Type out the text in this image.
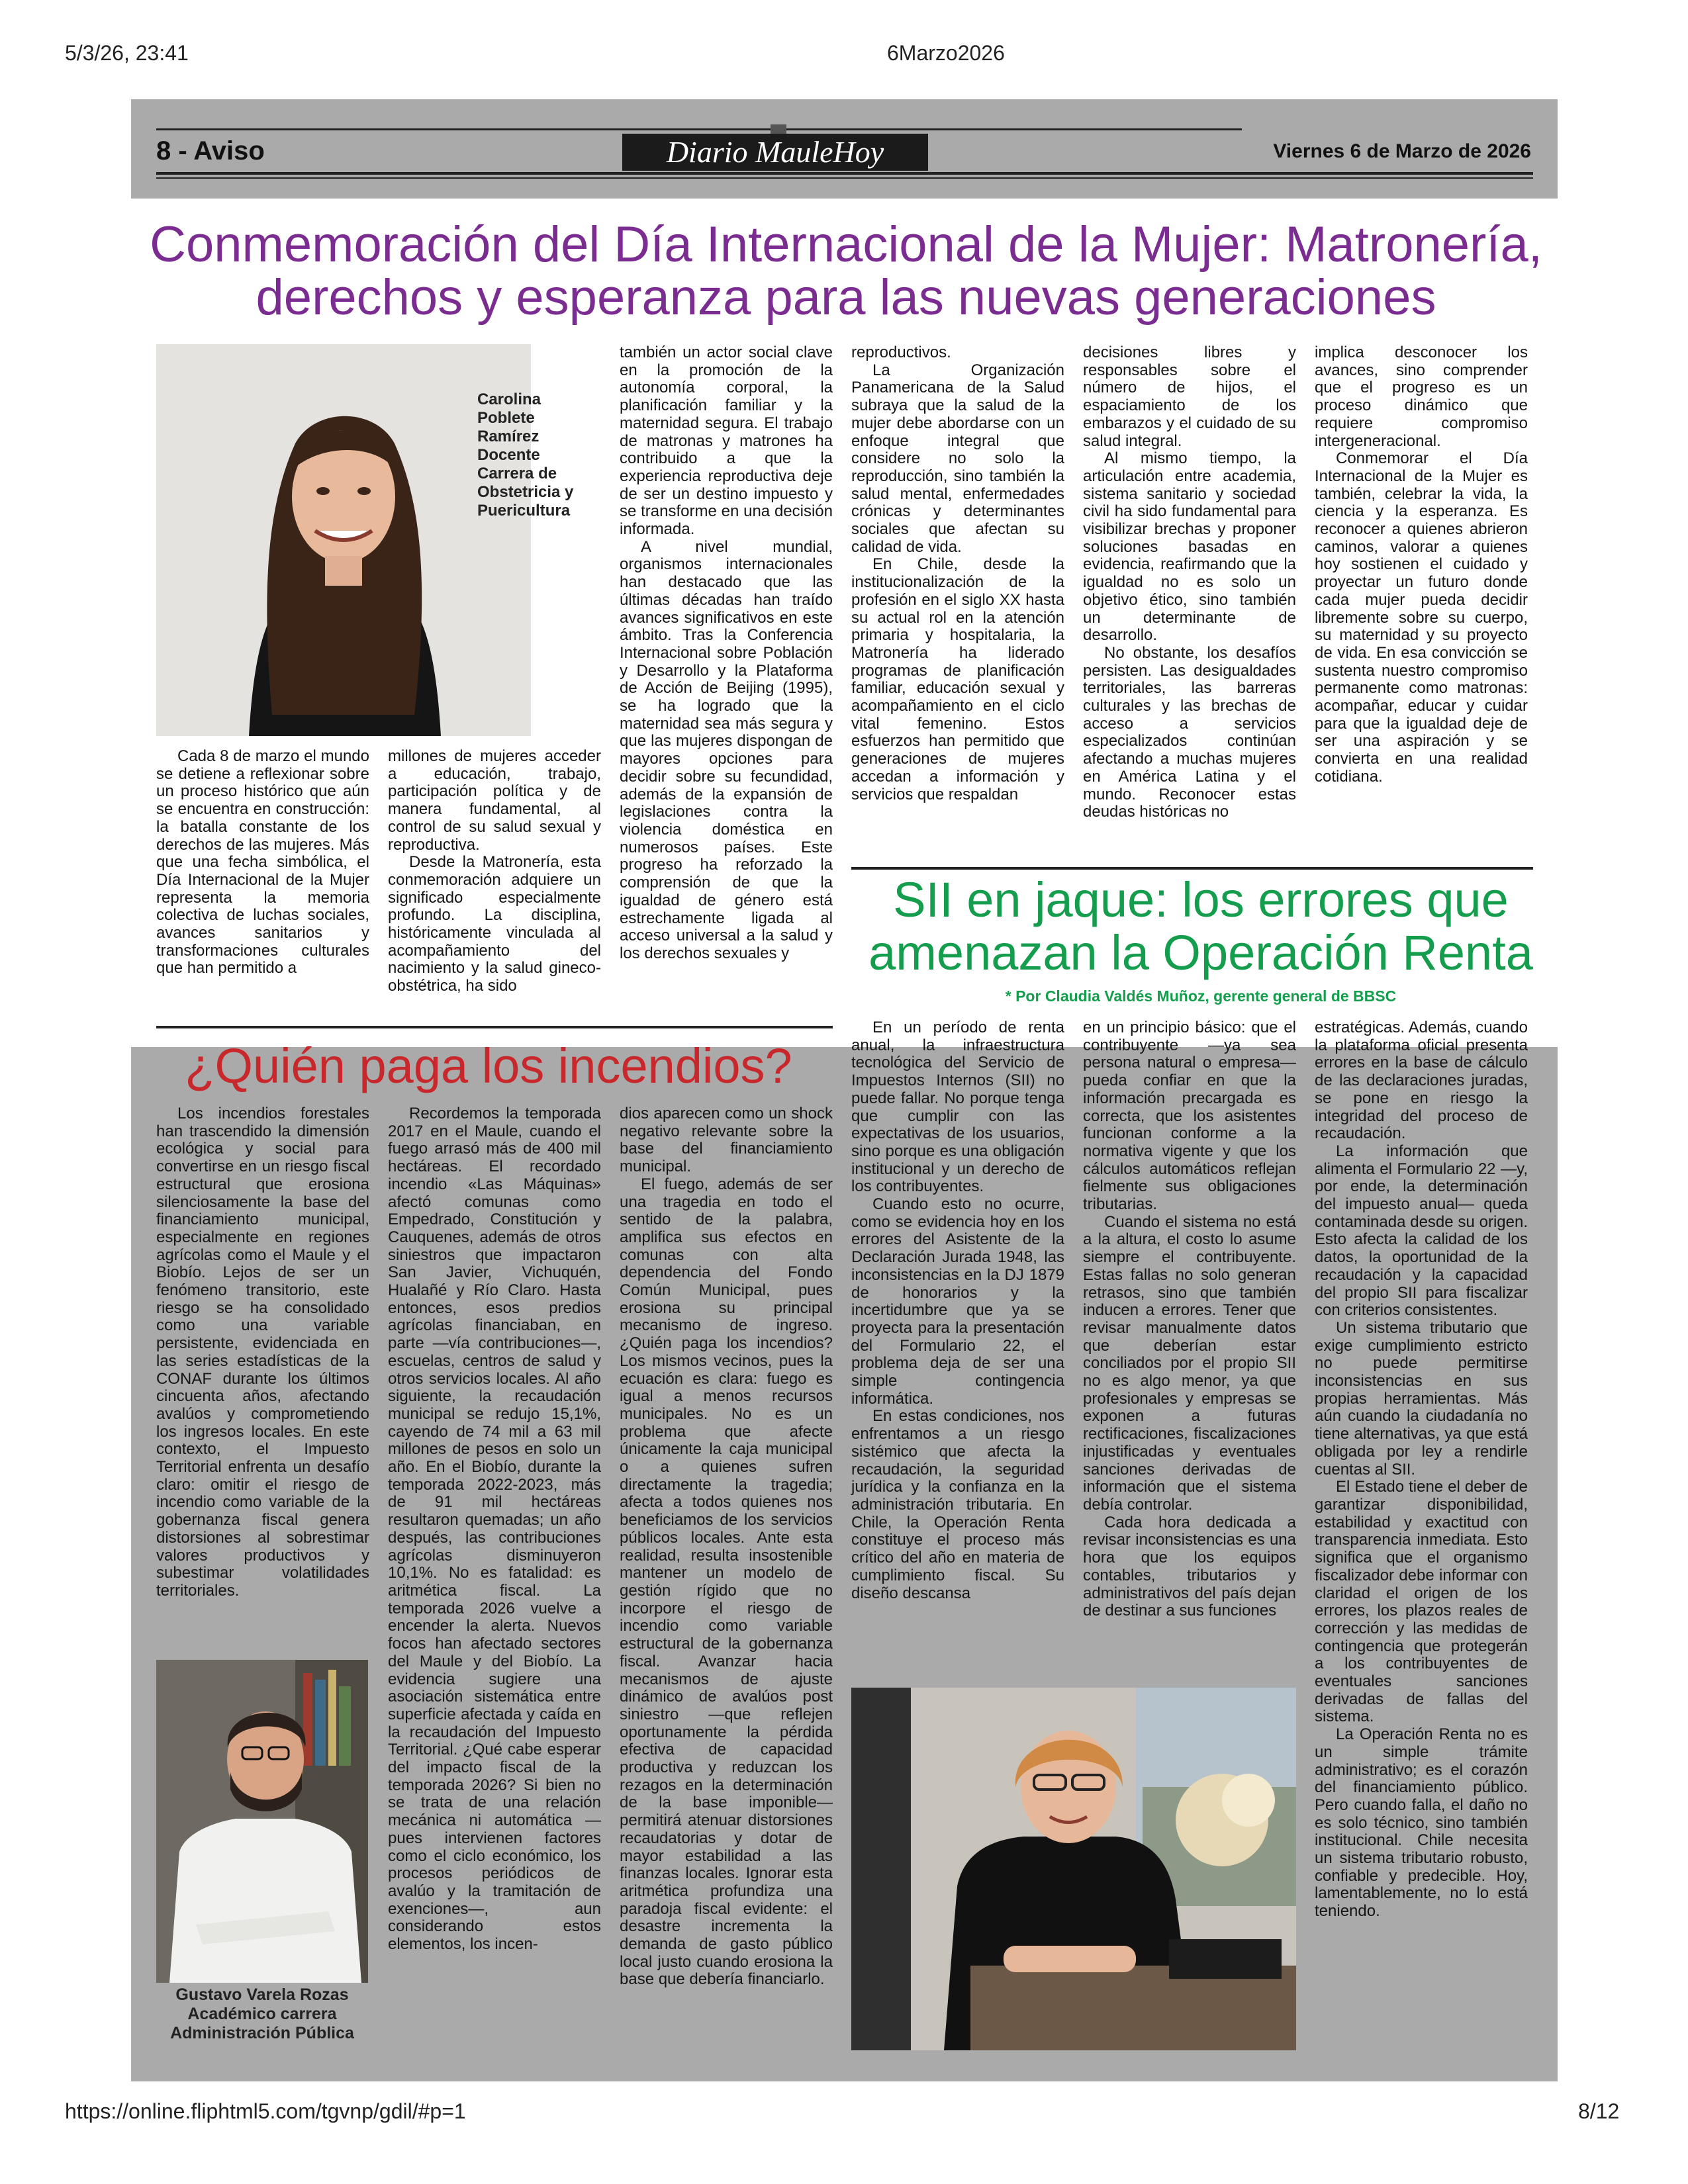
5/3/26, 23:41	6Marzo2026
https://online.fliphtml5.com/tgvnp/gdil/#p=1	8/12
8 - Aviso	Diario MauleHoy	Viernes 6 de Marzo de 2026
Conmemoración del Día Internacional de la Mujer: Matronería, derechos y esperanza para las nuevas generaciones
Carolina Poblete Ramírez Docente Carrera de Obstetricia y Puericultura

Cada 8 de marzo el mundo se detiene a reflexionar sobre un proceso histórico que aún se encuentra en construcción: la batalla constante de los derechos de las mujeres. Más que una fecha simbólica, el Día Internacional de la Mujer representa la memoria colectiva de luchas sociales, avances sanitarios y transformaciones culturales que han permitido a

millones de mujeres acceder a educación, trabajo, participación política y de manera fundamental, al control de su salud sexual y reproductiva.

Desde la Matronería, esta conmemoración adquiere un significado especialmente profundo. La disciplina, históricamente vinculada al acompañamiento del nacimiento y la salud gineco-obstétrica, ha sido

también un actor social clave en la promoción de la autonomía corporal, la planificación familiar y la maternidad segura. El trabajo de matronas y matrones ha contribuido a que la experiencia reproductiva deje de ser un destino impuesto y se transforme en una decisión informada.

A nivel mundial, organismos internacionales han destacado que las últimas décadas han traído avances significativos en este ámbito. Tras la Conferencia Internacional sobre Población y Desarrollo y la Plataforma de Acción de Beijing (1995), se ha logrado que la maternidad sea más segura y que las mujeres dispongan de mayores opciones para decidir sobre su fecundidad, además de la expansión de legislaciones contra la violencia doméstica en numerosos países. Este progreso ha reforzado la comprensión de que la igualdad de género está estrechamente ligada al acceso universal a la salud y los derechos sexuales y

reproductivos.

La Organización Panamericana de la Salud subraya que la salud de la mujer debe abordarse con un enfoque integral que considere no solo la reproducción, sino también la salud mental, enfermedades crónicas y determinantes sociales que afectan su calidad de vida.

En Chile, desde la institucionalización de la profesión en el siglo XX hasta su actual rol en la atención primaria y hospitalaria, la Matronería ha liderado programas de planificación familiar, educación sexual y acompañamiento en el ciclo vital femenino. Estos esfuerzos han permitido que generaciones de mujeres accedan a información y servicios que respaldan

decisiones libres y responsables sobre el número de hijos, el espaciamiento de los embarazos y el cuidado de su salud integral.

Al mismo tiempo, la articulación entre academia, sistema sanitario y sociedad civil ha sido fundamental para visibilizar brechas y proponer soluciones basadas en evidencia, reafirmando que la igualdad no es solo un objetivo ético, sino también un determinante de desarrollo.

No obstante, los desafíos persisten. Las desigualdades territoriales, las barreras culturales y las brechas de acceso a servicios especializados continúan afectando a muchas mujeres en América Latina y el mundo. Reconocer estas deudas históricas no

implica desconocer los avances, sino comprender que el progreso es un proceso dinámico que requiere compromiso intergeneracional.

Conmemorar el Día Internacional de la Mujer es también, celebrar la vida, la ciencia y la esperanza. Es reconocer a quienes abrieron caminos, valorar a quienes hoy sostienen el cuidado y proyectar un futuro donde cada mujer pueda decidir libremente sobre su cuerpo, su maternidad y su proyecto de vida. En esa convicción se sustenta nuestro compromiso permanente como matronas: acompañar, educar y cuidar para que la igualdad deje de ser una aspiración y se convierta en una realidad cotidiana.

SII en jaque: los errores que amenazan la Operación Renta
* Por Claudia Valdés Muñoz, gerente general de BBSC

En un período de renta anual, la infraestructura tecnológica del Servicio de Impuestos Internos (SII) no puede fallar. No porque tenga que cumplir con las expectativas de los usuarios, sino porque es una obligación institucional y un derecho de los contribuyentes.

Cuando esto no ocurre, como se evidencia hoy en los errores del Asistente de la Declaración Jurada 1948, las inconsistencias en la DJ 1879 de honorarios y la incertidumbre que ya se proyecta para la presentación del Formulario 22, el problema deja de ser una simple contingencia informática.

En estas condiciones, nos enfrentamos a un riesgo sistémico que afecta la recaudación, la seguridad jurídica y la confianza en la administración tributaria. En Chile, la Operación Renta constituye el proceso más crítico del año en materia de cumplimiento fiscal. Su diseño descansa

en un principio básico: que el contribuyente —ya sea persona natural o empresa— pueda confiar en que la información precargada es correcta, que los asistentes funcionan conforme a la normativa vigente y que los cálculos automáticos reflejan fielmente sus obligaciones tributarias.

Cuando el sistema no está a la altura, el costo lo asume siempre el contribuyente. Estas fallas no solo generan retrasos, sino que también inducen a errores. Tener que revisar manualmente datos que deberían estar conciliados por el propio SII no es algo menor, ya que profesionales y empresas se exponen a futuras rectificaciones, fiscalizaciones injustificadas y eventuales sanciones derivadas de información que el sistema debía controlar.

Cada hora dedicada a revisar inconsistencias es una hora que los equipos contables, tributarios y administrativos del país dejan de destinar a sus funciones

estratégicas. Además, cuando la plataforma oficial presenta errores en la base de cálculo de las declaraciones juradas, se pone en riesgo la integridad del proceso de recaudación.

La información que alimenta el Formulario 22 —y, por ende, la determinación del impuesto anual— queda contaminada desde su origen. Esto afecta la calidad de los datos, la oportunidad de la recaudación y la capacidad del propio SII para fiscalizar con criterios consistentes.

Un sistema tributario que exige cumplimiento estricto no puede permitirse inconsistencias en sus propias herramientas. Más aún cuando la ciudadanía no tiene alternativas, ya que está obligada por ley a rendirle cuentas al SII.

El Estado tiene el deber de garantizar disponibilidad, estabilidad y exactitud con transparencia inmediata. Esto significa que el organismo fiscalizador debe informar con claridad el origen de los errores, los plazos reales de corrección y las medidas de contingencia que protegerán a los contribuyentes de eventuales sanciones derivadas de fallas del sistema.

La Operación Renta no es un simple trámite administrativo; es el corazón del financiamiento público. Pero cuando falla, el daño no es solo técnico, sino también institucional. Chile necesita un sistema tributario robusto, confiable y predecible. Hoy, lamentablemente, no lo está teniendo.

¿Quién paga los incendios?

Los incendios forestales han trascendido la dimensión ecológica y social para convertirse en un riesgo fiscal estructural que erosiona silenciosamente la base del financiamiento municipal, especialmente en regiones agrícolas como el Maule y el Biobío. Lejos de ser un fenómeno transitorio, este riesgo se ha consolidado como una variable persistente, evidenciada en las series estadísticas de la CONAF durante los últimos cincuenta años, afectando avalúos y comprometiendo los ingresos locales. En este contexto, el Impuesto Territorial enfrenta un desafío claro: omitir el riesgo de incendio como variable de la gobernanza fiscal genera distorsiones al sobrestimar valores productivos y subestimar volatilidades territoriales.

Gustavo Varela Rozas Académico carrera Administración Pública

Recordemos la temporada 2017 en el Maule, cuando el fuego arrasó más de 400 mil hectáreas. El recordado incendio «Las Máquinas» afectó comunas como Empedrado, Constitución y Cauquenes, además de otros siniestros que impactaron San Javier, Vichuquén, Hualañé y Río Claro. Hasta entonces, esos predios agrícolas financiaban, en parte —vía contribuciones—, escuelas, centros de salud y otros servicios locales. Al año siguiente, la recaudación municipal se redujo 15,1%, cayendo de 74 mil a 63 mil millones de pesos en solo un año. En el Biobío, durante la temporada 2022-2023, más de 91 mil hectáreas resultaron quemadas; un año después, las contribuciones agrícolas disminuyeron 10,1%. No es fatalidad: es aritmética fiscal. La temporada 2026 vuelve a encender la alerta. Nuevos focos han afectado sectores del Maule y del Biobío. La evidencia sugiere una asociación sistemática entre superficie afectada y caída en la recaudación del Impuesto Territorial. ¿Qué cabe esperar del impacto fiscal de la temporada 2026? Si bien no se trata de una relación mecánica ni automática —pues intervienen factores como el ciclo económico, los procesos periódicos de avalúo y la tramitación de exenciones—, aun considerando estos elementos, los incen-

dios aparecen como un shock negativo relevante sobre la base del financiamiento municipal.

El fuego, además de ser una tragedia en todo el sentido de la palabra, amplifica sus efectos en comunas con alta dependencia del Fondo Común Municipal, pues erosiona su principal mecanismo de ingreso. ¿Quién paga los incendios? Los mismos vecinos, pues la ecuación es clara: fuego es igual a menos recursos municipales. No es un problema que afecte únicamente la caja municipal o a quienes sufren directamente la tragedia; afecta a todos quienes nos beneficiamos de los servicios públicos locales. Ante esta realidad, resulta insostenible mantener un modelo de gestión rígido que no incorpore el riesgo de incendio como variable estructural de la gobernanza fiscal. Avanzar hacia mecanismos de ajuste dinámico de avalúos post siniestro —que reflejen oportunamente la pérdida efectiva de capacidad productiva y reduzcan los rezagos en la determinación de la base imponible— permitirá atenuar distorsiones recaudatorias y dotar de mayor estabilidad a las finanzas locales. Ignorar esta aritmética profundiza una paradoja fiscal evidente: el desastre incrementa la demanda de gasto público local justo cuando erosiona la base que debería financiarlo.
